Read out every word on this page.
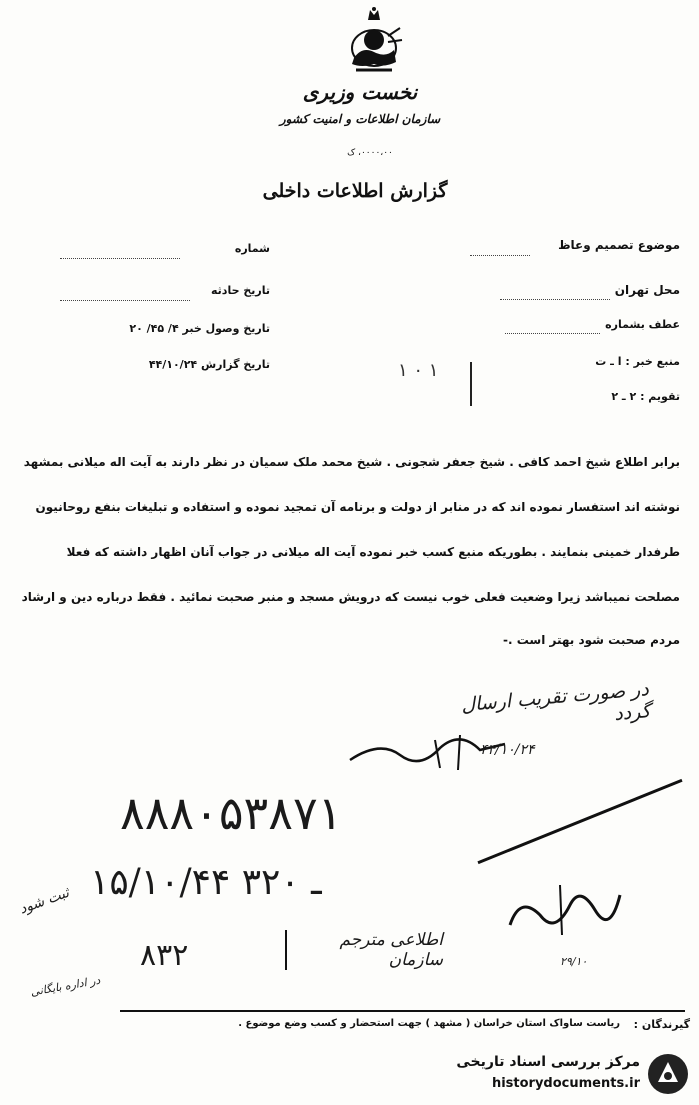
نخست وزیری
سازمان اطلاعات و امنیت کشور
۰۰۰۰،۰۰، ک
گزارش اطلاعات داخلی
موضوع تصمیم وعاظ
محل تهران
عطف بشماره
منبع خبر : ا ـ ت
تقویم : ۲ ـ ۲
شماره
تاریخ حادثه
تاریخ وصول خبر ۴/ ۴۵/ ۲۰
تاریخ گزارش ۴۴/۱۰/۲۴	۱ ۰ ۱
برابر اطلاع شیخ احمد کافی . شیخ جعفر شجونی . شیخ محمد ملک سمیان در نظر دارند به آیت اله میلانی بمشهد
نوشته اند استفسار نموده اند که در منابر از دولت و برنامه آن تمجید نموده و استفاده و تبلیغات بنفع روحانیون
طرفدار خمینی بنمایند . بطوریکه منبع کسب خبر نموده آیت اله میلانی در جواب آنان اظهار داشته که فعلا
مصلحت نمیباشد زیرا وضعیت فعلی خوب نیست که درویش مسجد و منبر صحبت نمائید . فقط درباره دین و ارشاد
مردم صحبت شود بهتر است .-
در صورت تقریب ارسال گردد
۴۴/۱۰/۲۴
۸۸۸۰۵۳۸۷۱
۱۵/۱۰/۴۴ ـ ۳۲۰
ثبت شود
۸۳۲	اطلاعی مترجم سازمان	۲۹/۱۰
در اداره بایگانی
گیرندگان :
ریاست ساواک استان خراسان ( مشهد ) جهت استحضار و کسب وضع موضوع .
مرکز بررسی اسناد تاریخی
historydocuments.ir
